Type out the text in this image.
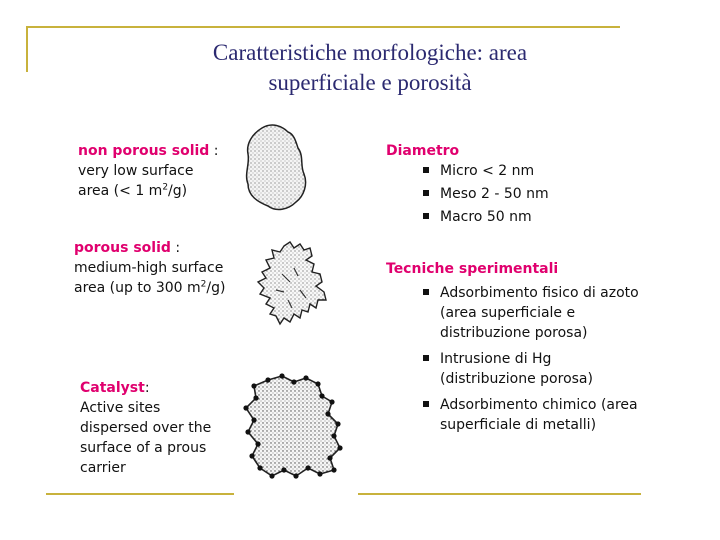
Caratteristiche morfologiche: area
superficiale e porosità
non porous solid :
very low surface
area (< 1 $m^2/g$)
porous solid :
medium-high surface
area (up to 300 $m^2/g$)
Catalyst:
Active sites
dispersed over the
surface of a prous
carrier
Diametro
Micro < 2 nm
Meso 2 - 50 nm
Macro 50 nm
Tecniche sperimentali
Adsorbimento fisico di azoto
(area superficiale e
distribuzione porosa)
Intrusione di Hg
(distribuzione porosa)
Adsorbimento chimico (area
superficiale di metalli)
